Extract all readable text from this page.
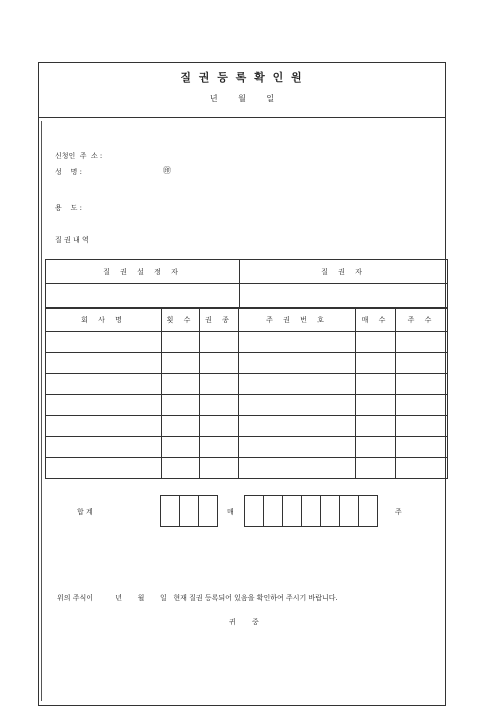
질 권 등 록 확 인 원
년 월 일
신청인  주  소 :
성    명 :	㊞
용    도 :
질 권 내 역
질 권 설 정 자	질 권 자

회 사 명	횟 수	권 종	주 권 번 호	매 수	주 수

합 계	매	주
위의 주식이          년       월       일   현재 질권 등록되어 있음을 확인하여 주시기 바랍니다.
귀 중
